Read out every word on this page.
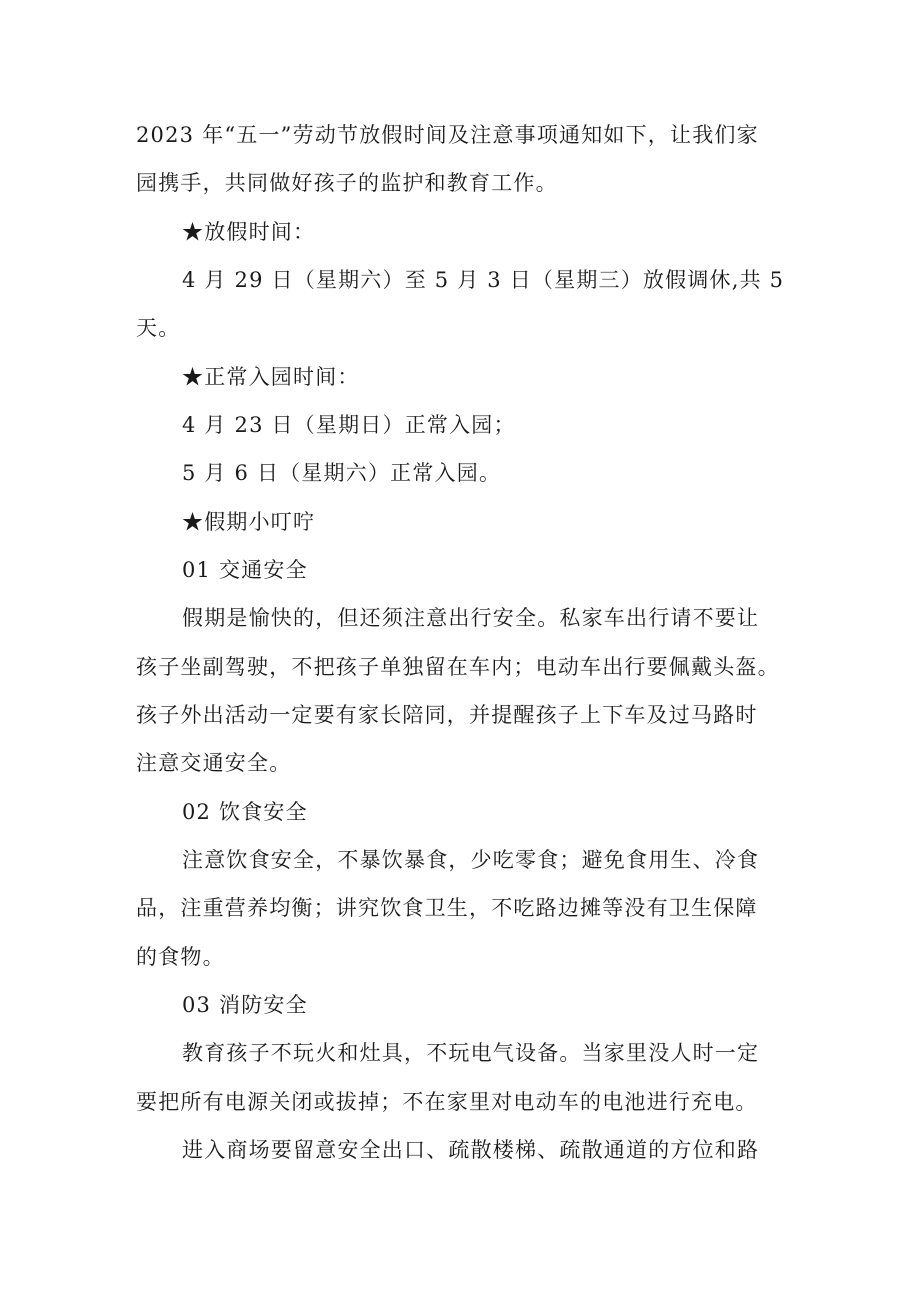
2023 年“五一”劳动节放假时间及注意事项通知如下，让我们家
园携手，共同做好孩子的监护和教育工作。
★放假时间：
4 月 29 日（星期六）至 5 月 3 日（星期三）放假调休,共 5
天。
★正常入园时间：
4 月 23 日（星期日）正常入园；
5 月 6 日（星期六）正常入园。
★假期小叮咛
01 交通安全
假期是愉快的，但还须注意出行安全。私家车出行请不要让
孩子坐副驾驶，不把孩子单独留在车内；电动车出行要佩戴头盔。
孩子外出活动一定要有家长陪同，并提醒孩子上下车及过马路时
注意交通安全。
02 饮食安全
注意饮食安全，不暴饮暴食，少吃零食；避免食用生、冷食
品，注重营养均衡；讲究饮食卫生，不吃路边摊等没有卫生保障
的食物。
03 消防安全
教育孩子不玩火和灶具，不玩电气设备。当家里没人时一定
要把所有电源关闭或拔掉；不在家里对电动车的电池进行充电。
进入商场要留意安全出口、疏散楼梯、疏散通道的方位和路
